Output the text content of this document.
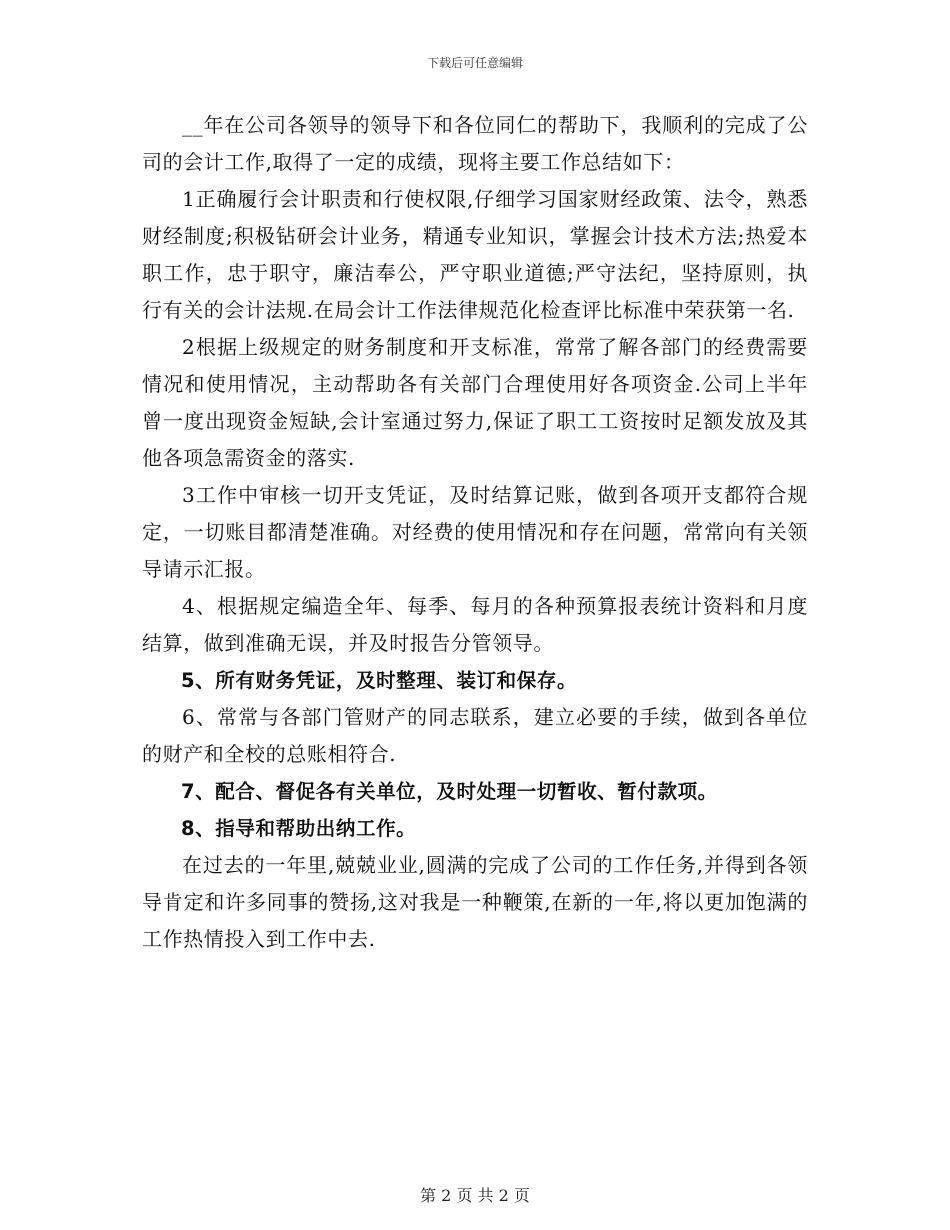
下载后可任意编辑

__年在公司各领导的领导下和各位同仁的帮助下，我顺利的完成了公司的会计工作,取得了一定的成绩，现将主要工作总结如下：

1正确履行会计职责和行使权限,仔细学习国家财经政策、法令，熟悉财经制度;积极钻研会计业务，精通专业知识，掌握会计技术方法;热爱本职工作，忠于职守，廉洁奉公，严守职业道德;严守法纪，坚持原则，执行有关的会计法规.在局会计工作法律规范化检查评比标准中荣获第一名.

2根据上级规定的财务制度和开支标准，常常了解各部门的经费需要情况和使用情况，主动帮助各有关部门合理使用好各项资金.公司上半年曾一度出现资金短缺,会计室通过努力,保证了职工工资按时足额发放及其他各项急需资金的落实.

3工作中审核一切开支凭证，及时结算记账，做到各项开支都符合规定，一切账目都清楚准确。对经费的使用情况和存在问题，常常向有关领导请示汇报。

4、根据规定编造全年、每季、每月的各种预算报表统计资料和月度结算，做到准确无误，并及时报告分管领导。

5、所有财务凭证，及时整理、装订和保存。

6、常常与各部门管财产的同志联系，建立必要的手续，做到各单位的财产和全校的总账相符合.

7、配合、督促各有关单位，及时处理一切暂收、暂付款项。

8、指导和帮助出纳工作。

在过去的一年里,兢兢业业,圆满的完成了公司的工作任务,并得到各领导肯定和许多同事的赞扬,这对我是一种鞭策,在新的一年,将以更加饱满的工作热情投入到工作中去.

第 2 页 共 2 页
